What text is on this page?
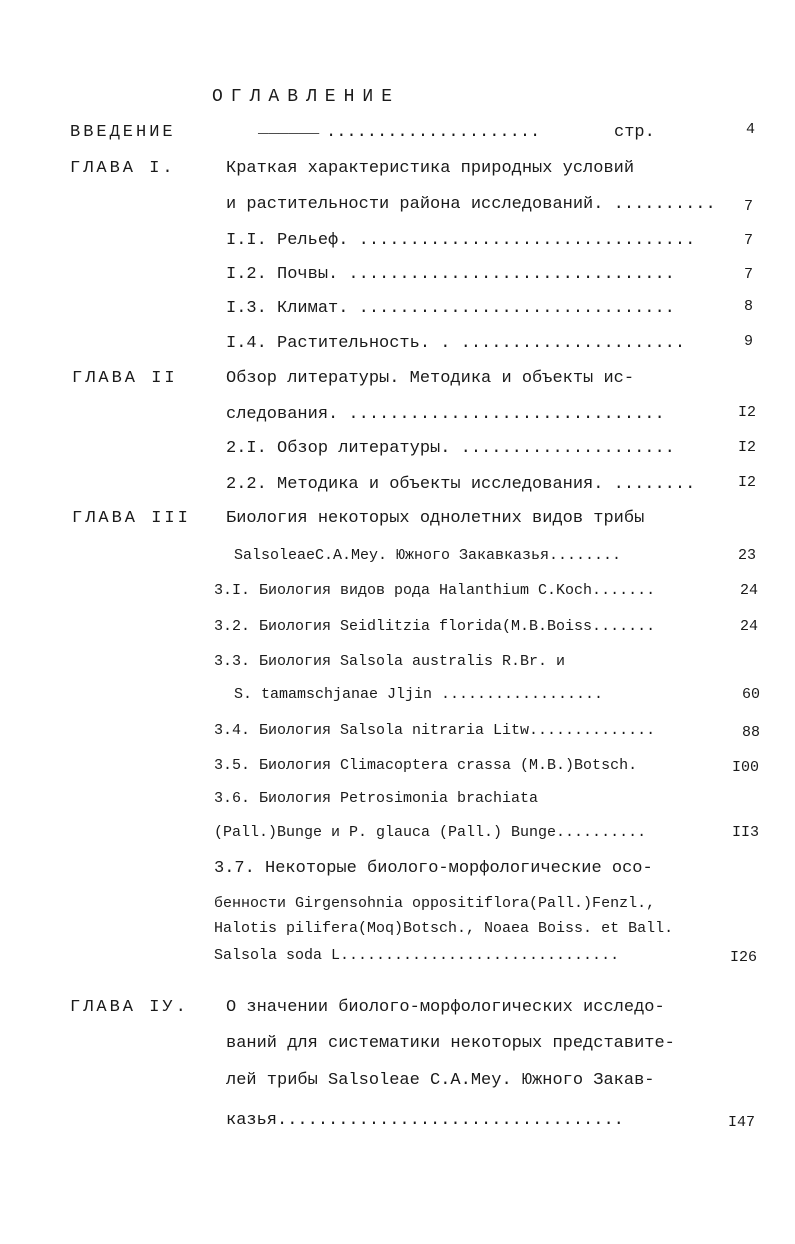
ОГЛАВЛЕНИЕ
ВВЕДЕНИЕ	______ .....................	стр.	4
ГЛАВА I.	Краткая характеристика природных условий
и растительности района исследований. .......... 7
I.I. Рельеф. .................................	7
I.2. Почвы. ................................	7
I.3. Климат. ...............................	8
I.4. Растительность. . ......................	9
ГЛАВА II	Обзор литературы. Методика и объекты ис-
следования. ...............................	I2
2.I. Обзор литературы. .....................	I2
2.2. Методика и объекты исследования. ........	I2
ГЛАВА III Биология некоторых однолетних видов трибы
SalsoleaeC.A.Mey. Южного Закавказья........	23
3.I. Биология видов рода Halanthium C.Koch.......	24
3.2. Биология Seidlitzia florida(M.B.Boiss.......	24
3.3. Биология Salsola australis R.Br. и
S. tamamschjanae Jljin ..................	60
3.4. Биология Salsola nitraria Litw..............	88
3.5. Биология Climacoptera crassa (M.B.)Botsch.	I00
3.6. Биология Petrosimonia brachiata
(Pall.)Bunge и P. glauca (Pall.) Bunge..........	II3
3.7. Некоторые биолого-морфологические осо-
бенности Girgensohnia oppositiflora(Pall.)Fenzl.,
Halotis pilifera(Moq)Botsch., Noaea Boiss. et Ball.
Salsola soda L...............................	I26
ГЛАВА IУ. О значении биолого-морфологических исследо-
ваний для систематики некоторых представите-
лей трибы Salsoleae C.A.Mey. Южного Закав-
казья..................................	I47
